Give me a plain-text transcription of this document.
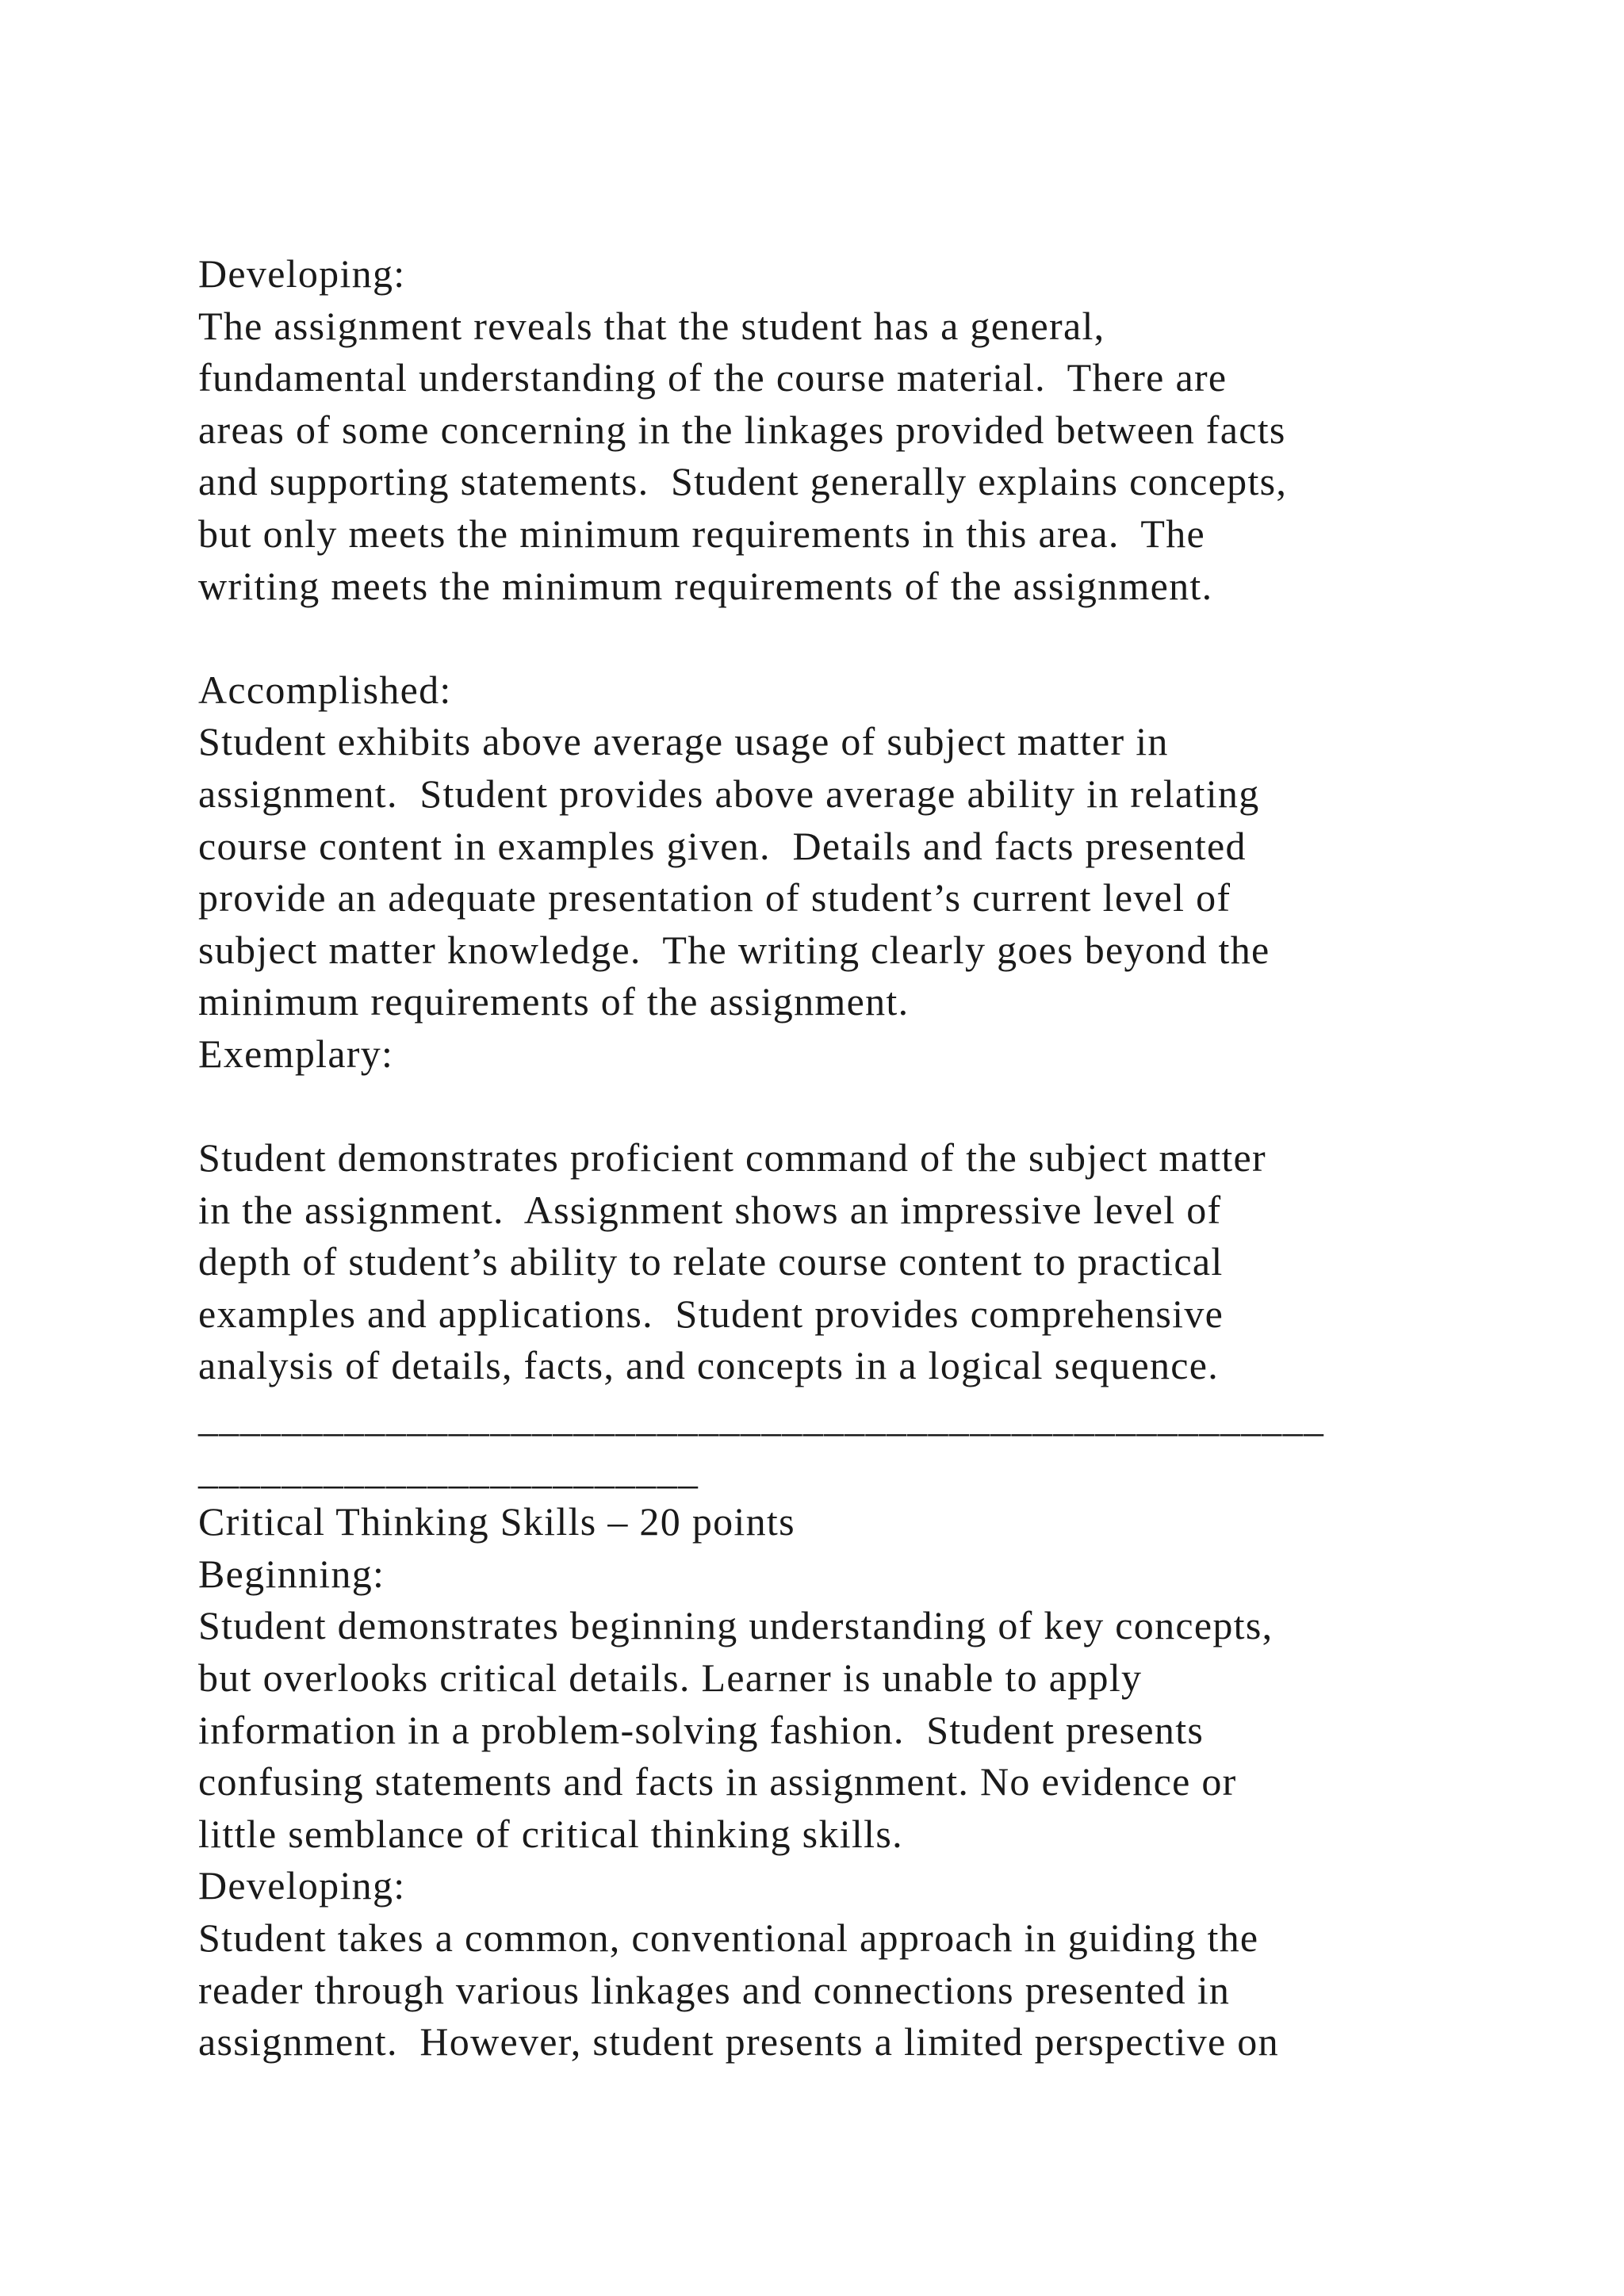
Developing:
The assignment reveals that the student has a general,
fundamental understanding of the course material.  There are
areas of some concerning in the linkages provided between facts
and supporting statements.  Student generally explains concepts,
but only meets the minimum requirements in this area.  The
writing meets the minimum requirements of the assignment.
Accomplished:
Student exhibits above average usage of subject matter in
assignment.  Student provides above average ability in relating
course content in examples given.  Details and facts presented
provide an adequate presentation of student’s current level of
subject matter knowledge.  The writing clearly goes beyond the
minimum requirements of the assignment.
Exemplary:
Student demonstrates proficient command of the subject matter
in the assignment.  Assignment shows an impressive level of
depth of student’s ability to relate course content to practical
examples and applications.  Student provides comprehensive
analysis of details, facts, and concepts in a logical sequence.
______________________________________________________
________________________
Critical Thinking Skills – 20 points
Beginning:
Student demonstrates beginning understanding of key concepts,
but overlooks critical details. Learner is unable to apply
information in a problem-solving fashion.  Student presents
confusing statements and facts in assignment. No evidence or
little semblance of critical thinking skills.
Developing:
Student takes a common, conventional approach in guiding the
reader through various linkages and connections presented in
assignment.  However, student presents a limited perspective on
